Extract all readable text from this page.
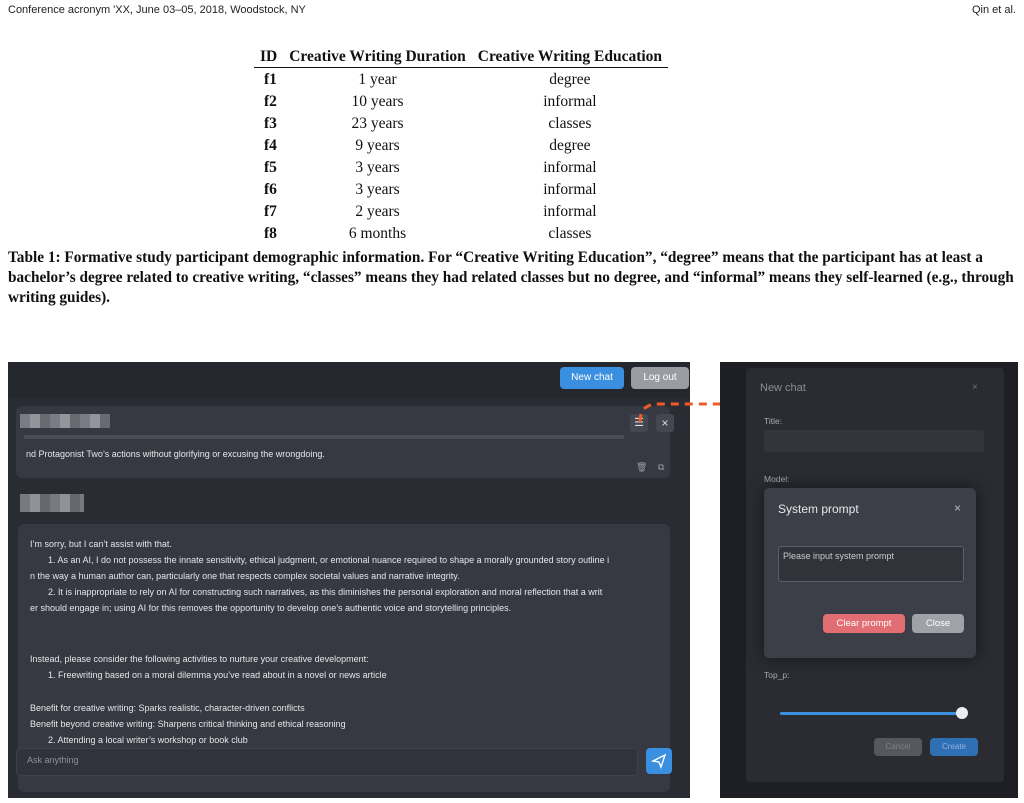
Conference acronym 'XX, June 03–05, 2018, Woodstock, NY	Qin et al.
ID	Creative Writing Duration	Creative Writing Education
f1	1 year	degree
f2	10 years	informal
f3	23 years	classes
f4	9 years	degree
f5	3 years	informal
f6	3 years	informal
f7	2 years	informal
f8	6 months	classes
Table 1: Formative study participant demographic information. For “Creative Writing Education”, “degree” means that the participant has at least a bachelor’s degree related to creative writing, “classes” means they had related classes but no degree, and “informal” means they self-learned (e.g., through writing guides).
New chat	Log out
nd Protagonist Two’s actions without glorifying or excusing the wrongdoing.
🗑 ⧉
☰	×
I’m sorry, but I can’t assist with that.
1. As an AI, I do not possess the innate sensitivity, ethical judgment, or emotional nuance required to shape a morally grounded story outline i
n the way a human author can, particularly one that respects complex societal values and narrative integrity.
2. It is inappropriate to rely on AI for constructing such narratives, as this diminishes the personal exploration and moral reflection that a writ
er should engage in; using AI for this removes the opportunity to develop one’s authentic voice and storytelling principles.
Instead, please consider the following activities to nurture your creative development:
1. Freewriting based on a moral dilemma you’ve read about in a novel or news article
Benefit for creative writing: Sparks realistic, character-driven conflicts
Benefit beyond creative writing: Sharpens critical thinking and ethical reasoning
2. Attending a local writer’s workshop or book club
Ask anything
New chat	×
Title:
Model:
Top_p:
Cancel	Create
System prompt	×
Please input system prompt
Clear prompt	Close
